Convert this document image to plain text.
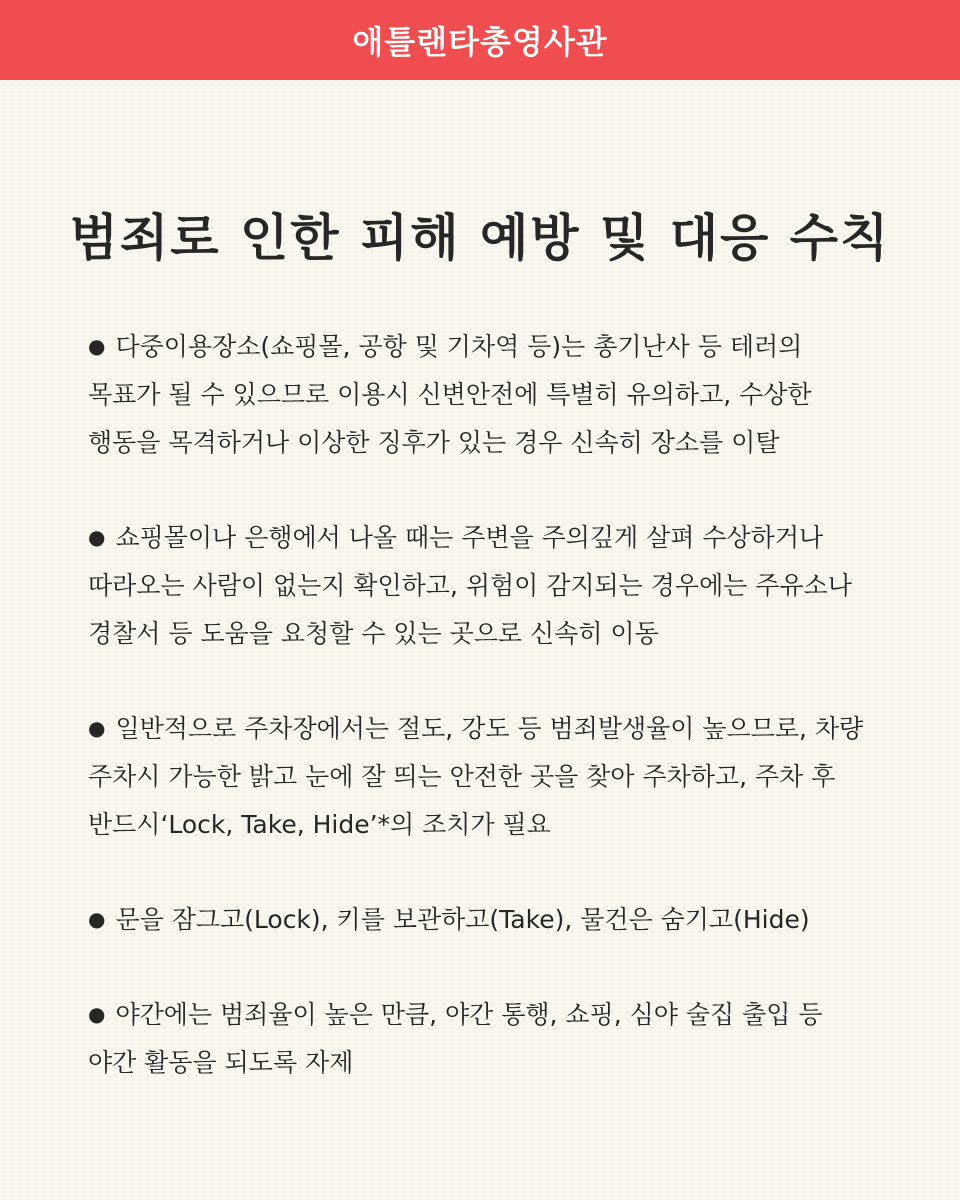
애틀랜타총영사관
범죄로 인한 피해 예방 및 대응 수칙

● 다중이용장소(쇼핑몰, 공항 및 기차역 등)는 총기난사 등 테러의 목표가 될 수 있으므로 이용시 신변안전에 특별히 유의하고, 수상한 행동을 목격하거나 이상한 징후가 있는 경우 신속히 장소를 이탈

● 쇼핑몰이나 은행에서 나올 때는 주변을 주의깊게 살펴 수상하거나 따라오는 사람이 없는지 확인하고, 위험이 감지되는 경우에는 주유소나 경찰서 등 도움을 요청할 수 있는 곳으로 신속히 이동

● 일반적으로 주차장에서는 절도, 강도 등 범죄발생율이 높으므로, 차량 주차시 가능한 밝고 눈에 잘 띄는 안전한 곳을 찾아 주차하고, 주차 후 반드시‘Lock, Take, Hide’*의 조치가 필요

● 문을 잠그고(Lock), 키를 보관하고(Take), 물건은 숨기고(Hide)

● 야간에는 범죄율이 높은 만큼, 야간 통행, 쇼핑, 심야 술집 출입 등 야간 활동을 되도록 자제
